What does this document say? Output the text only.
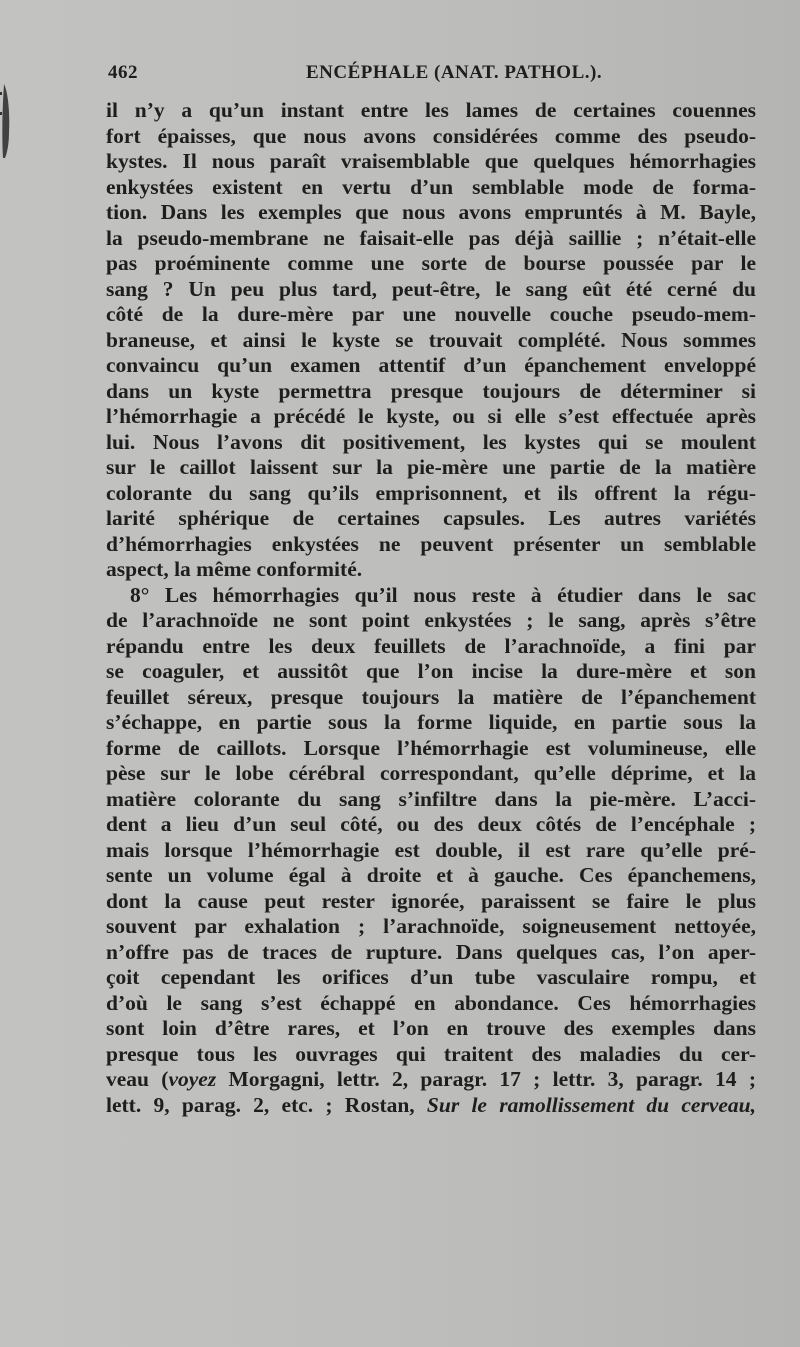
462	ENCÉPHALE (ANAT. PATHOL.).
il n’y a qu’un instant entre les lames de certaines couennes
fort épaisses, que nous avons considérées comme des pseudo-
kystes. Il nous paraît vraisemblable que quelques hémorrhagies
enkystées existent en vertu d’un semblable mode de forma-
tion. Dans les exemples que nous avons empruntés à M. Bayle,
la pseudo-membrane ne faisait-elle pas déjà saillie ; n’était-elle
pas proéminente comme une sorte de bourse poussée par le
sang ? Un peu plus tard, peut-être, le sang eût été cerné du
côté de la dure-mère par une nouvelle couche pseudo-mem-
braneuse, et ainsi le kyste se trouvait complété. Nous sommes
convaincu qu’un examen attentif d’un épanchement enveloppé
dans un kyste permettra presque toujours de déterminer si
l’hémorrhagie a précédé le kyste, ou si elle s’est effectuée après
lui. Nous l’avons dit positivement, les kystes qui se moulent
sur le caillot laissent sur la pie-mère une partie de la matière
colorante du sang qu’ils emprisonnent, et ils offrent la régu-
larité sphérique de certaines capsules. Les autres variétés
d’hémorrhagies enkystées ne peuvent présenter un semblable
aspect, la même conformité.
8° Les hémorrhagies qu’il nous reste à étudier dans le sac
de l’arachnoïde ne sont point enkystées ; le sang, après s’être
répandu entre les deux feuillets de l’arachnoïde, a fini par
se coaguler, et aussitôt que l’on incise la dure-mère et son
feuillet séreux, presque toujours la matière de l’épanchement
s’échappe, en partie sous la forme liquide, en partie sous la
forme de caillots. Lorsque l’hémorrhagie est volumineuse, elle
pèse sur le lobe cérébral correspondant, qu’elle déprime, et la
matière colorante du sang s’infiltre dans la pie-mère. L’acci-
dent a lieu d’un seul côté, ou des deux côtés de l’encéphale ;
mais lorsque l’hémorrhagie est double, il est rare qu’elle pré-
sente un volume égal à droite et à gauche. Ces épanchemens,
dont la cause peut rester ignorée, paraissent se faire le plus
souvent par exhalation ; l’arachnoïde, soigneusement nettoyée,
n’offre pas de traces de rupture. Dans quelques cas, l’on aper-
çoit cependant les orifices d’un tube vasculaire rompu, et
d’où le sang s’est échappé en abondance. Ces hémorrhagies
sont loin d’être rares, et l’on en trouve des exemples dans
presque tous les ouvrages qui traitent des maladies du cer-
veau (voyez Morgagni, lettr. 2, paragr. 17 ; lettr. 3, paragr. 14 ;
lett. 9, parag. 2, etc. ; Rostan, Sur le ramollissement du cerveau,
